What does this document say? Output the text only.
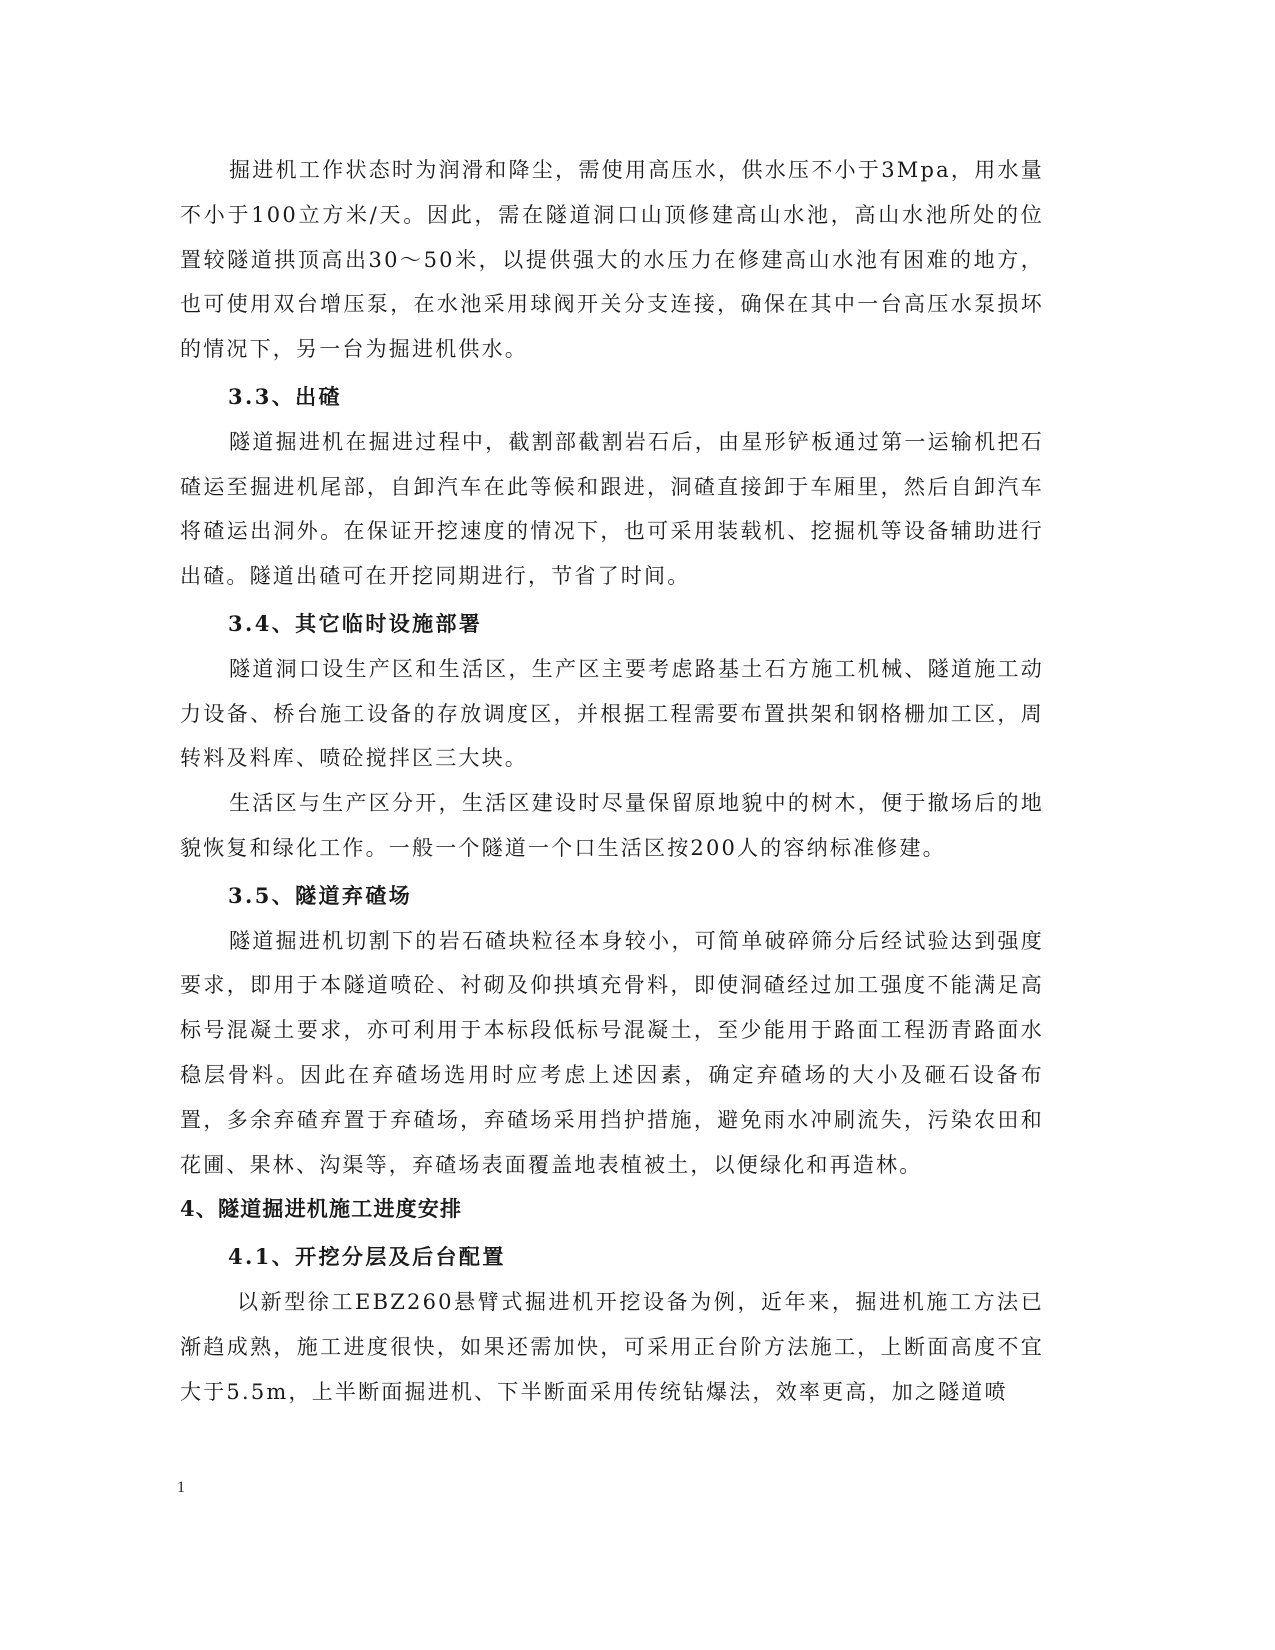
掘进机工作状态时为润滑和降尘，需使用高压水，供水压不小于3Mpa，用水量不小于100立方米/天。因此，需在隧道洞口山顶修建高山水池，高山水池所处的位置较隧道拱顶高出30～50米，以提供强大的水压力在修建高山水池有困难的地方，也可使用双台增压泵，在水池采用球阀开关分支连接，确保在其中一台高压水泵损坏的情况下，另一台为掘进机供水。

3.3、出碴

隧道掘进机在掘进过程中，截割部截割岩石后，由星形铲板通过第一运输机把石碴运至掘进机尾部，自卸汽车在此等候和跟进，洞碴直接卸于车厢里，然后自卸汽车将碴运出洞外。在保证开挖速度的情况下，也可采用装载机、挖掘机等设备辅助进行出碴。隧道出碴可在开挖同期进行，节省了时间。

3.4、其它临时设施部署

隧道洞口设生产区和生活区，生产区主要考虑路基土石方施工机械、隧道施工动力设备、桥台施工设备的存放调度区，并根据工程需要布置拱架和钢格栅加工区，周转料及料库、喷砼搅拌区三大块。

生活区与生产区分开，生活区建设时尽量保留原地貌中的树木，便于撤场后的地貌恢复和绿化工作。一般一个隧道一个口生活区按200人的容纳标准修建。

3.5、隧道弃碴场

隧道掘进机切割下的岩石碴块粒径本身较小，可简单破碎筛分后经试验达到强度要求，即用于本隧道喷砼、衬砌及仰拱填充骨料，即使洞碴经过加工强度不能满足高标号混凝土要求，亦可利用于本标段低标号混凝土，至少能用于路面工程沥青路面水稳层骨料。因此在弃碴场选用时应考虑上述因素，确定弃碴场的大小及砸石设备布置，多余弃碴弃置于弃碴场，弃碴场采用挡护措施，避免雨水冲刷流失，污染农田和花圃、果林、沟渠等，弃碴场表面覆盖地表植被土，以便绿化和再造林。

4、隧道掘进机施工进度安排
4.1、开挖分层及后台配置

以新型徐工EBZ260悬臂式掘进机开挖设备为例，近年来，掘进机施工方法已渐趋成熟，施工进度很快，如果还需加快，可采用正台阶方法施工，上断面高度不宜大于5.5m，上半断面掘进机、下半断面采用传统钻爆法，效率更高，加之隧道喷

1
